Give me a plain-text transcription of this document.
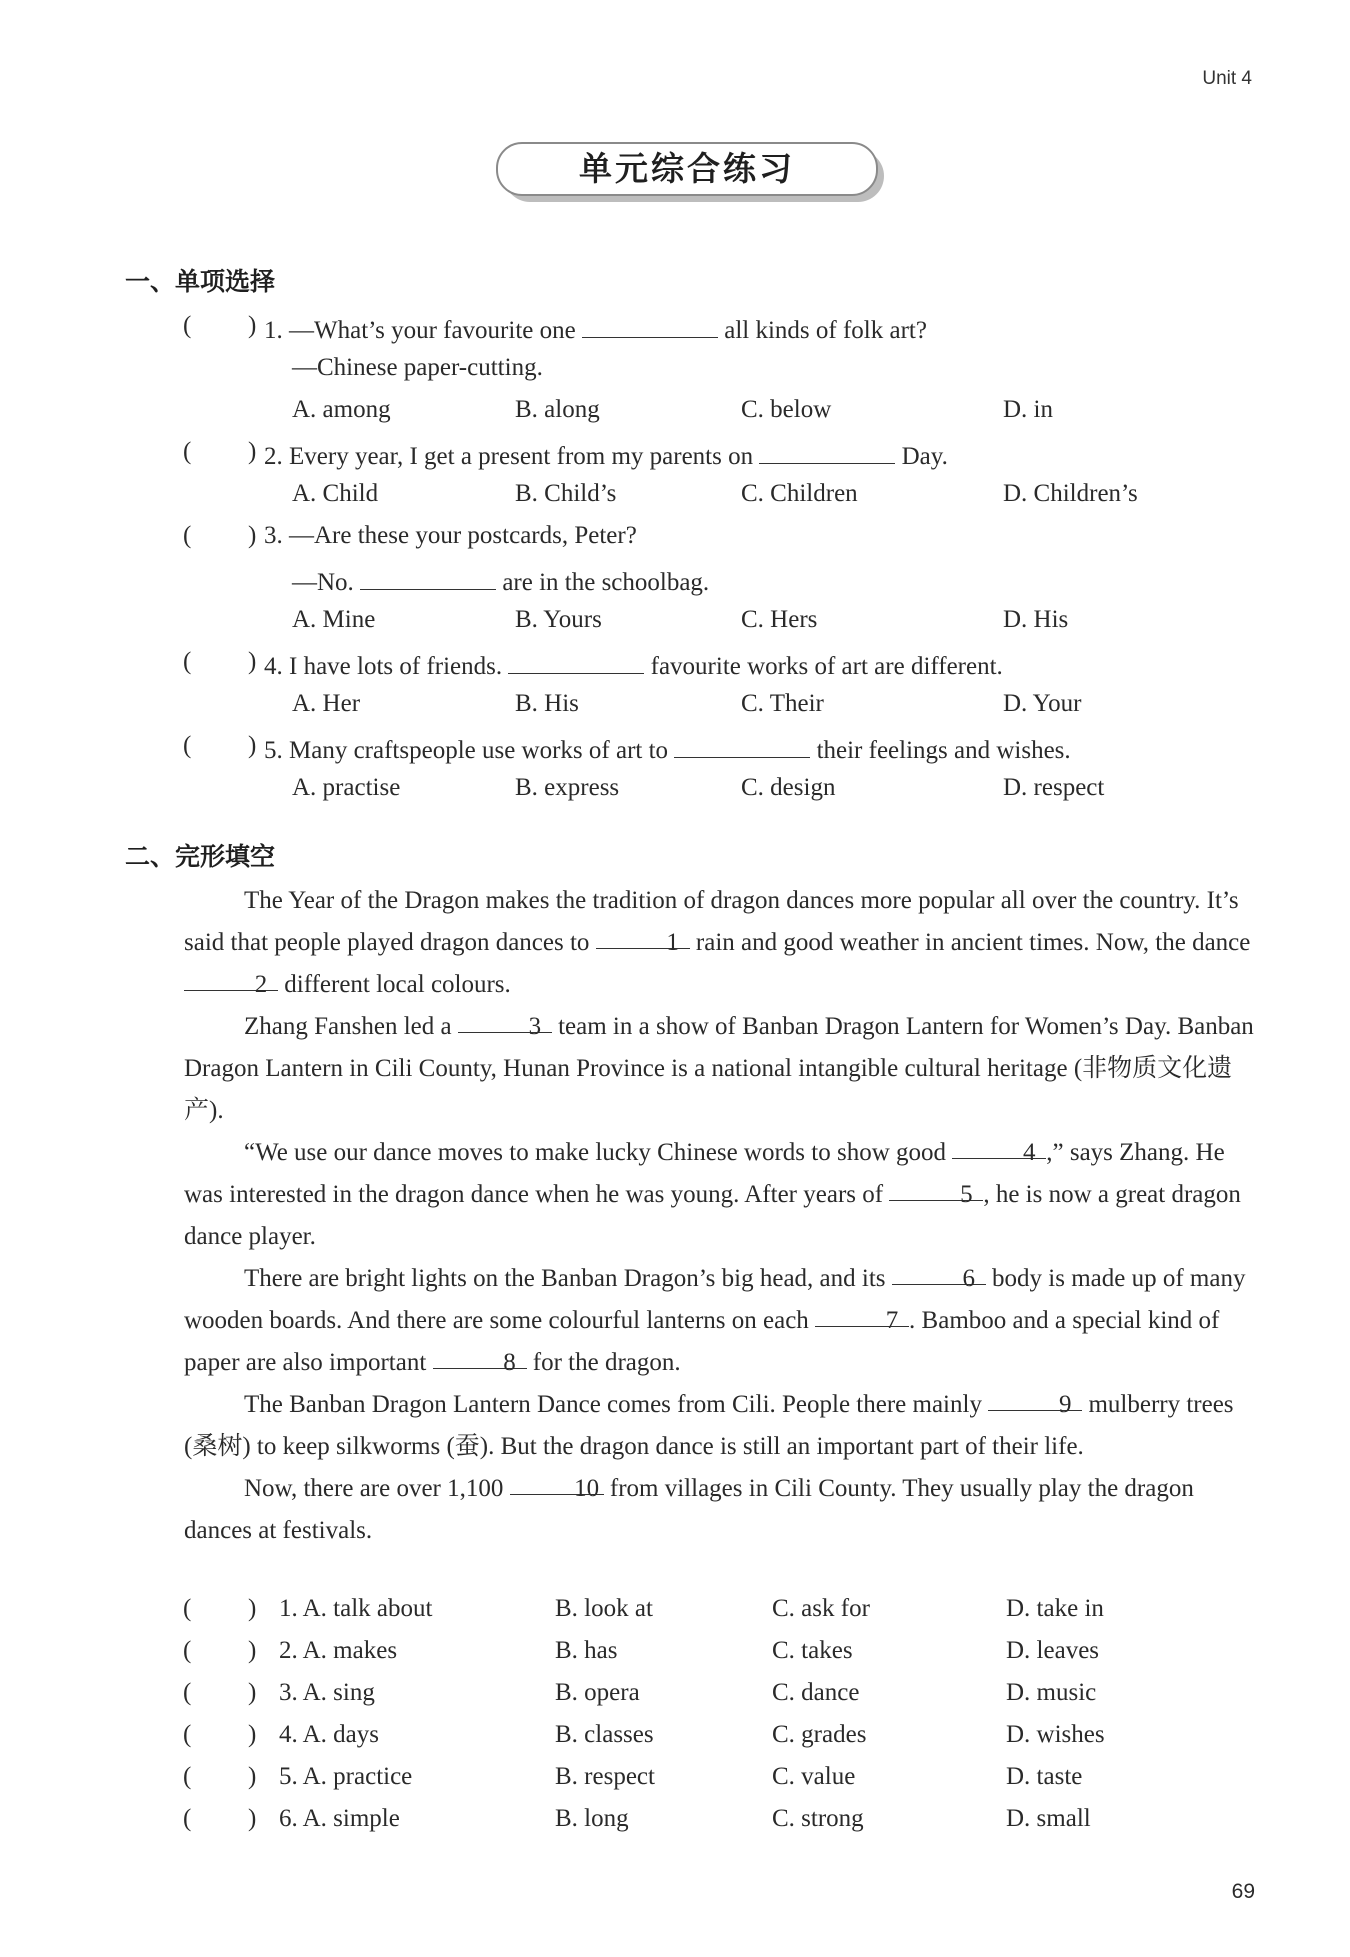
Unit 4
单元综合练习
一、单项选择
( ) 1. —What’s your favourite one	all kinds of folk art?
—Chinese paper-cutting.
A. among	B. along	C. below	D. in
( ) 2. Every year, I get a present from my parents on	Day.
A. Child	B. Child’s	C. Children	D. Children’s
( ) 3. —Are these your postcards, Peter?
—No.	are in the schoolbag.
A. Mine	B. Yours	C. Hers	D. His
( ) 4. I have lots of friends.	favourite works of art are different.
A. Her	B. His	C. Their	D. Your
( ) 5. Many craftspeople use works of art to	their feelings and wishes.
A. practise	B. express	C. design	D. respect
二、完形填空

The Year of the Dragon makes the tradition of dragon dances more popular all over the country. It’s said that people played dragon dances to	1 rain and good weather in ancient times. Now, the dance 2 different local colours.

Zhang Fanshen led a	3 team in a show of Banban Dragon Lantern for Women’s Day. Banban Dragon Lantern in Cili County, Hunan Province is a national intangible cultural heritage (非物质文化遗产).

“We use our dance moves to make lucky Chinese words to show good	4 ,” says Zhang. He was interested in the dragon dance when he was young. After years of	5 , he is now a great dragon dance player.

There are bright lights on the Banban Dragon’s big head, and its	6 body is made up of many wooden boards. And there are some colourful lanterns on each	7 . Bamboo and a special kind of paper are also important	8 for the dragon.

The Banban Dragon Lantern Dance comes from Cili. People there mainly	9 mulberry trees (桑树) to keep silkworms (蚕). But the dragon dance is still an important part of their life.

Now, there are over 1,100	10 from villages in Cili County. They usually play the dragon dances at festivals.

( ) 1. A. talk about	B. look at	C. ask for	D. take in
( ) 2. A. makes	B. has	C. takes	D. leaves
( ) 3. A. sing	B. opera	C. dance	D. music
( ) 4. A. days	B. classes	C. grades	D. wishes
( ) 5. A. practice	B. respect	C. value	D. taste
( ) 6. A. simple	B. long	C. strong	D. small
69
